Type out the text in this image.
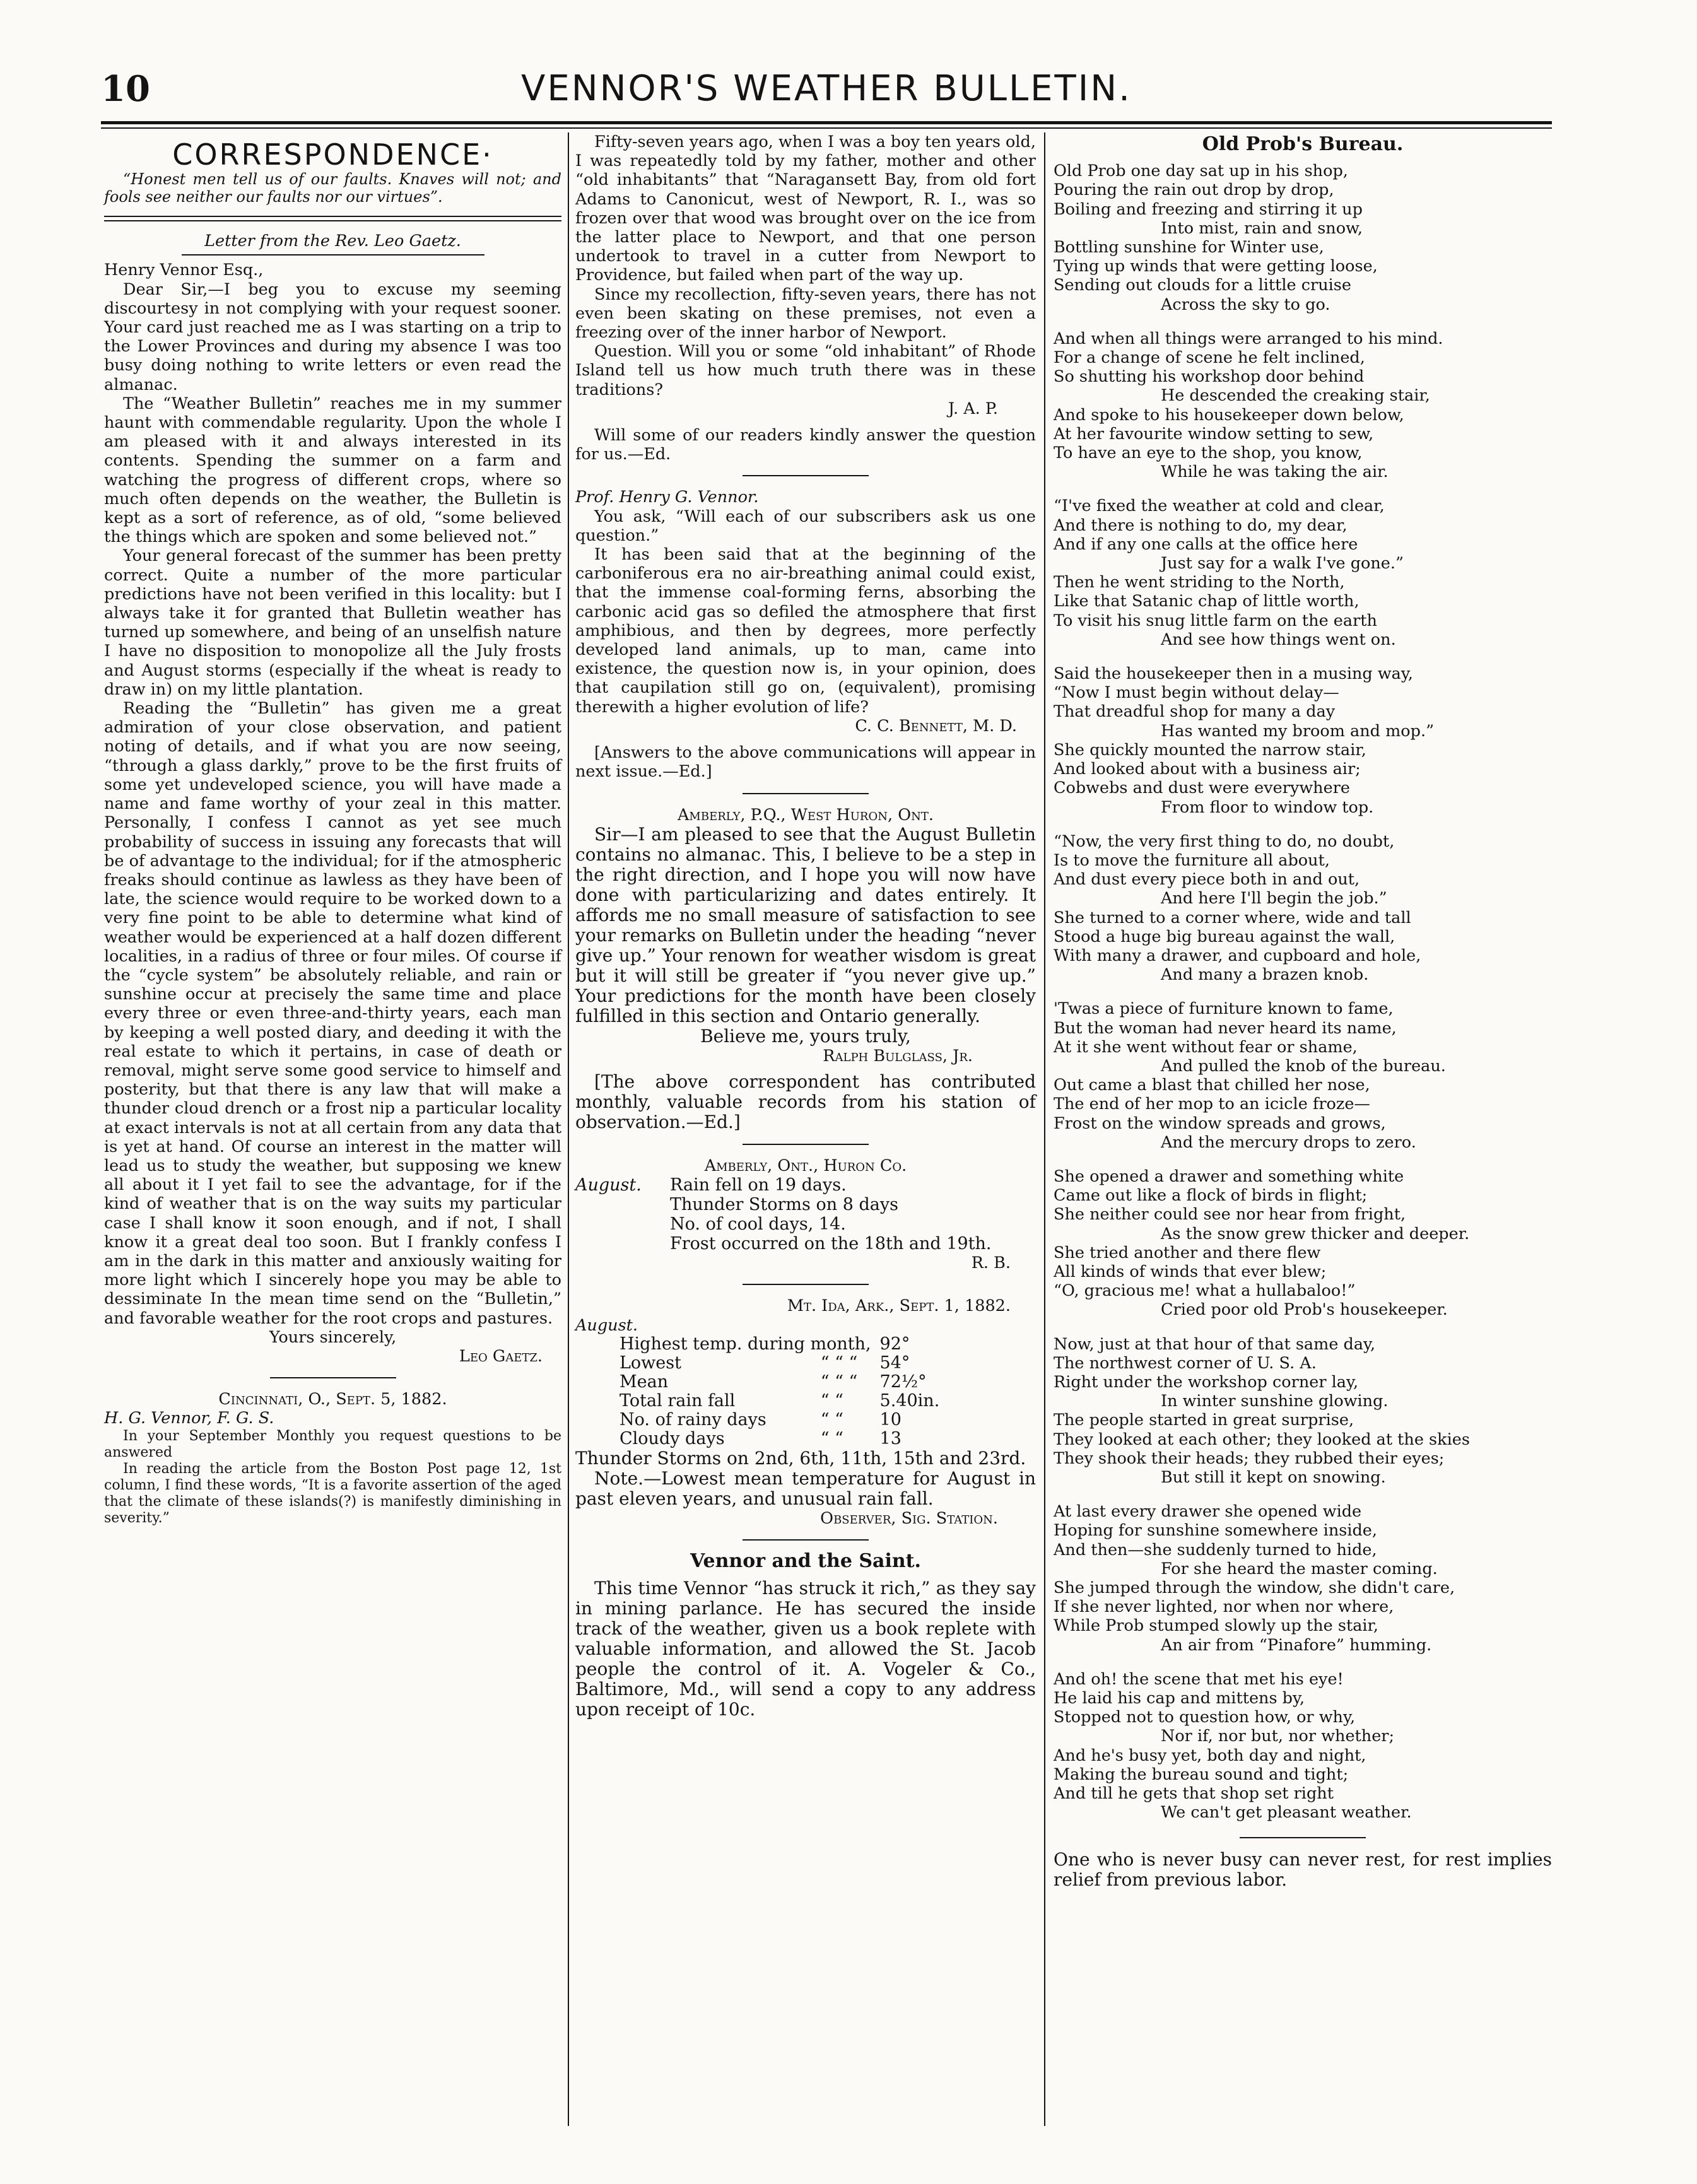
10	VENNOR'S WEATHER BULLETIN.
CORRESPONDENCE·

“Honest men tell us of our faults. Knaves will not; and fools see neither our faults nor our virtues”.

Letter from the Rev. Leo Gaetz.

Henry Vennor Esq.,

Dear Sir,—I beg you to excuse my seeming discourtesy in not complying with your request sooner. Your card just reached me as I was starting on a trip to the Lower Provinces and during my absence I was too busy doing nothing to write letters or even read the almanac.

The “Weather Bulletin” reaches me in my summer haunt with commendable regularity. Upon the whole I am pleased with it and always interested in its contents. Spending the summer on a farm and watching the progress of different crops, where so much often depends on the weather, the Bulletin is kept as a sort of reference, as of old, “some believed the things which are spoken and some believed not.”

Your general forecast of the summer has been pretty correct. Quite a number of the more particular predictions have not been verified in this locality: but I always take it for granted that Bulletin weather has turned up somewhere, and being of an unselfish nature I have no disposition to monopolize all the July frosts and August storms (especially if the wheat is ready to draw in) on my little plantation.

Reading the “Bulletin” has given me a great admiration of your close observation, and patient noting of details, and if what you are now seeing, “through a glass darkly,” prove to be the first fruits of some yet undeveloped science, you will have made a name and fame worthy of your zeal in this matter. Personally, I confess I cannot as yet see much probability of success in issuing any forecasts that will be of advantage to the individual; for if the atmospheric freaks should continue as lawless as they have been of late, the science would require to be worked down to a very fine point to be able to determine what kind of weather would be experienced at a half dozen different localities, in a radius of three or four miles. Of course if the “cycle system” be absolutely reliable, and rain or sunshine occur at precisely the same time and place every three or even three-and-thirty years, each man by keeping a well posted diary, and deeding it with the real estate to which it pertains, in case of death or removal, might serve some good service to himself and posterity, but that there is any law that will make a thunder cloud drench or a frost nip a particular locality at exact intervals is not at all certain from any data that is yet at hand. Of course an interest in the matter will lead us to study the weather, but supposing we knew all about it I yet fail to see the advantage, for if the kind of weather that is on the way suits my particular case I shall know it soon enough, and if not, I shall know it a great deal too soon. But I frankly confess I am in the dark in this matter and anxiously waiting for more light which I sincerely hope you may be able to dessiminate In the mean time send on the “Bulletin,” and favorable weather for the root crops and pastures.

Yours sincerely,

Leo Gaetz.

Cincinnati, O., Sept. 5, 1882.

H. G. Vennor, F. G. S.

In your September Monthly you request questions to be answered

In reading the article from the Boston Post page 12, 1st column, I find these words, “It is a favorite assertion of the aged that the climate of these islands(?) is manifestly diminishing in severity.”

Fifty-seven years ago, when I was a boy ten years old, I was repeatedly told by my father, mother and other “old inhabitants” that “Naragansett Bay, from old fort Adams to Canonicut, west of Newport, R. I., was so frozen over that wood was brought over on the ice from the latter place to Newport, and that one person undertook to travel in a cutter from Newport to Providence, but failed when part of the way up.

Since my recollection, fifty-seven years, there has not even been skating on these premises, not even a freezing over of the inner harbor of Newport.

Question. Will you or some “old inhabitant” of Rhode Island tell us how much truth there was in these traditions?

J. A. P.

Will some of our readers kindly answer the question for us.—Ed.

Prof. Henry G. Vennor.

You ask, “Will each of our subscribers ask us one question.”

It has been said that at the beginning of the carboniferous era no air-breathing animal could exist, that the immense coal-forming ferns, absorbing the carbonic acid gas so defiled the atmosphere that first amphibious, and then by degrees, more perfectly developed land animals, up to man, came into existence, the question now is, in your opinion, does that caupilation still go on, (equivalent), promising therewith a higher evolution of life?

C. C. Bennett, M. D.

[Answers to the above communications will appear in next issue.—Ed.]

Amberly, P.Q., West Huron, Ont.

Sir—I am pleased to see that the August Bulletin contains no almanac. This, I believe to be a step in the right direction, and I hope you will now have done with particularizing and dates entirely. It affords me no small measure of satisfaction to see your remarks on Bulletin under the heading “never give up.” Your renown for weather wisdom is great but it will still be greater if “you never give up.” Your predictions for the month have been closely fulfilled in this section and Ontario generally.

Believe me, yours truly,

Ralph Bulglass, Jr.

[The above correspondent has contributed monthly, valuable records from his station of observation.—Ed.]

Amberly, Ont., Huron Co.

August.	Rain fell on 19 days.
Thunder Storms on 8 days
No. of cool days, 14.
Frost occurred on the 18th and 19th.

R. B.

Mt. Ida, Ark., Sept. 1, 1882.

August.

Highest temp. during month,		92°
Lowest	“ “ “	54°
Mean	“ “ “	72½°
Total rain fall	“ “	5.40in.
No. of rainy days	“ “	10
Cloudy days	“ “	13

Thunder Storms on 2nd, 6th, 11th, 15th and 23rd.

Note.—Lowest mean temperature for August in past eleven years, and unusual rain fall.

Observer, Sig. Station.

Vennor and the Saint.

This time Vennor “has struck it rich,” as they say in mining parlance. He has secured the inside track of the weather, given us a book replete with valuable information, and allowed the St. Jacob people the control of it. A. Vogeler & Co., Baltimore, Md., will send a copy to any address upon receipt of 10c.

Old Prob's Bureau.

Old Prob one day sat up in his shop,

Pouring the rain out drop by drop,

Boiling and freezing and stirring it up

Into mist, rain and snow,

Bottling sunshine for Winter use,

Tying up winds that were getting loose,

Sending out clouds for a little cruise

Across the sky to go.

And when all things were arranged to his mind.

For a change of scene he felt inclined,

So shutting his workshop door behind

He descended the creaking stair,

And spoke to his housekeeper down below,

At her favourite window setting to sew,

To have an eye to the shop, you know,

While he was taking the air.

“I've fixed the weather at cold and clear,

And there is nothing to do, my dear,

And if any one calls at the office here

Just say for a walk I've gone.”

Then he went striding to the North,

Like that Satanic chap of little worth,

To visit his snug little farm on the earth

And see how things went on.

Said the housekeeper then in a musing way,

“Now I must begin without delay—

That dreadful shop for many a day

Has wanted my broom and mop.”

She quickly mounted the narrow stair,

And looked about with a business air;

Cobwebs and dust were everywhere

From floor to window top.

“Now, the very first thing to do, no doubt,

Is to move the furniture all about,

And dust every piece both in and out,

And here I'll begin the job.”

She turned to a corner where, wide and tall

Stood a huge big bureau against the wall,

With many a drawer, and cupboard and hole,

And many a brazen knob.

'Twas a piece of furniture known to fame,

But the woman had never heard its name,

At it she went without fear or shame,

And pulled the knob of the bureau.

Out came a blast that chilled her nose,

The end of her mop to an icicle froze—

Frost on the window spreads and grows,

And the mercury drops to zero.

She opened a drawer and something white

Came out like a flock of birds in flight;

She neither could see nor hear from fright,

As the snow grew thicker and deeper.

She tried another and there flew

All kinds of winds that ever blew;

“O, gracious me! what a hullabaloo!”

Cried poor old Prob's housekeeper.

Now, just at that hour of that same day,

The northwest corner of U. S. A.

Right under the workshop corner lay,

In winter sunshine glowing.

The people started in great surprise,

They looked at each other; they looked at the skies

They shook their heads; they rubbed their eyes;

But still it kept on snowing.

At last every drawer she opened wide

Hoping for sunshine somewhere inside,

And then—she suddenly turned to hide,

For she heard the master coming.

She jumped through the window, she didn't care,

If she never lighted, nor when nor where,

While Prob stumped slowly up the stair,

An air from “Pinafore” humming.

And oh! the scene that met his eye!

He laid his cap and mittens by,

Stopped not to question how, or why,

Nor if, nor but, nor whether;

And he's busy yet, both day and night,

Making the bureau sound and tight;

And till he gets that shop set right

We can't get pleasant weather.

One who is never busy can never rest, for rest implies relief from previous labor.
